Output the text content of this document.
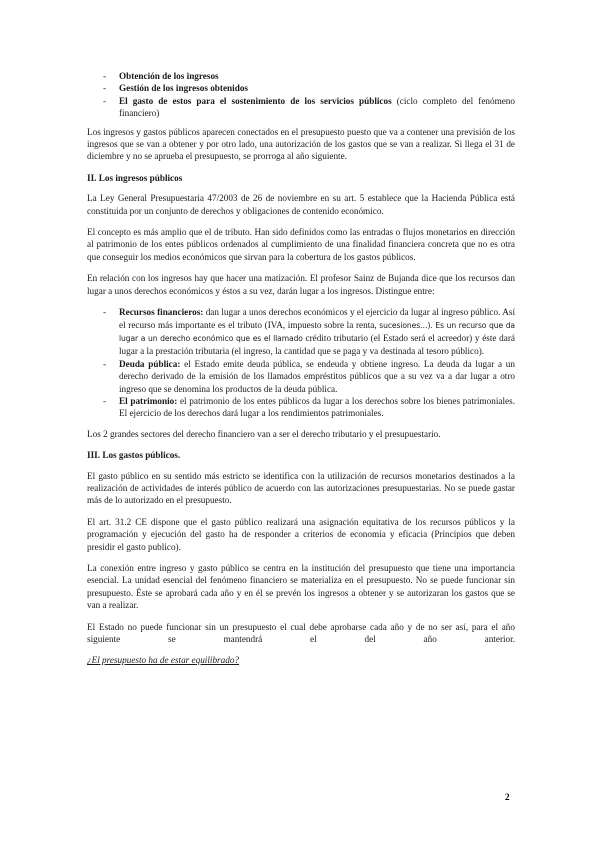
- Obtención de los ingresos
- Gestión de los ingresos obtenidos
- El gasto de estos para el sostenimiento de los servicios públicos (ciclo completo del fenómeno financiero)

Los ingresos y gastos públicos aparecen conectados en el presupuesto puesto que va a contener una previsión de los ingresos que se van a obtener y por otro lado, una autorización de los gastos que se van a realizar. Si llega el 31 de diciembre y no se aprueba el presupuesto, se prorroga al año siguiente.

II. Los ingresos públicos

La Ley General Presupuestaria 47/2003 de 26 de noviembre en su art. 5 establece que la Hacienda Pública está constituida por un conjunto de derechos y obligaciones de contenido económico.

El concepto es más amplio que el de tributo. Han sido definidos como las entradas o flujos monetarios en dirección al patrimonio de los entes públicos ordenados al cumplimiento de una finalidad financiera concreta que no es otra que conseguir los medios económicos que sirvan para la cobertura de los gastos públicos.

En relación con los ingresos hay que hacer una matización. El profesor Sainz de Bujanda dice que los recursos dan lugar a unos derechos económicos y éstos a su vez, darán lugar a los ingresos. Distingue entre:

- Recursos financieros: dan lugar a unos derechos económicos y el ejercicio da lugar al ingreso público. Así el recurso más importante es el tributo (IVA, impuesto sobre la renta, sucesiones…). Es un recurso que da lugar a un derecho económico que es el llamado crédito tributario (el Estado será el acreedor) y éste dará lugar a la prestación tributaria (el ingreso, la cantidad que se paga y va destinada al tesoro público).
- Deuda pública: el Estado emite deuda pública, se endeuda y obtiene ingreso. La deuda da lugar a un derecho derivado de la emisión de los llamados empréstitos públicos que a su vez va a dar lugar a otro ingreso que se denomina los productos de la deuda pública.
- El patrimonio: el patrimonio de los entes públicos da lugar a los derechos sobre los bienes patrimoniales. El ejercicio de los derechos dará lugar a los rendimientos patrimoniales.

Los 2 grandes sectores del derecho financiero van a ser el derecho tributario y el presupuestario.

III. Los gastos públicos.

El gasto público en su sentido más estricto se identifica con la utilización de recursos monetarios destinados a la realización de actividades de interés público de acuerdo con las autorizaciones presupuestarias. No se puede gastar más de lo autorizado en el presupuesto.

El art. 31.2 CE dispone que el gasto público realizará una asignación equitativa de los recursos públicos y la programación y ejecución del gasto ha de responder a criterios de economía y eficacia (Principios que deben presidir el gasto publico).

La conexión entre ingreso y gasto público se centra en la institución del presupuesto que tiene una importancia esencial. La unidad esencial del fenómeno financiero se materializa en el presupuesto. No se puede funcionar sin presupuesto. Éste se aprobará cada año y en él se prevén los ingresos a obtener y se autorizaran los gastos que se van a realizar.

El Estado no puede funcionar sin un presupuesto el cual debe aprobarse cada año y de no ser así, para el año siguiente se mantendrá el del año anterior.

¿El presupuesto ha de estar equilibrado?

2
